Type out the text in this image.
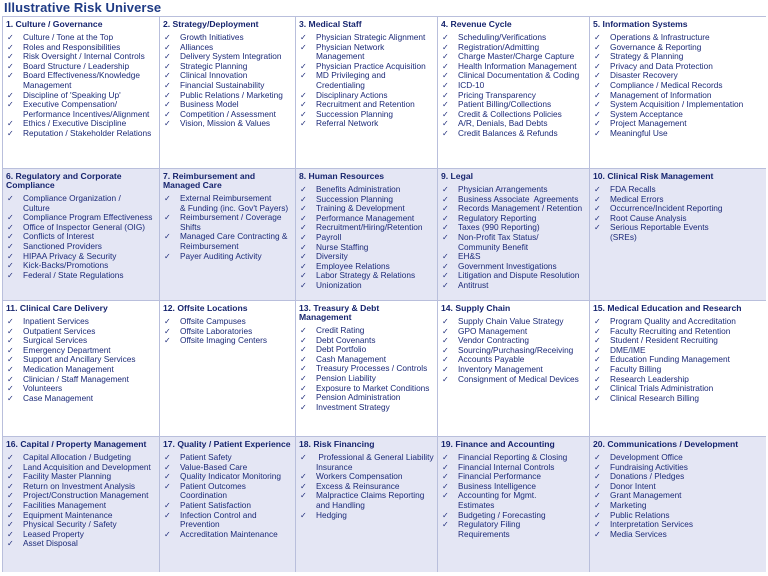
Illustrative Risk Universe
1. Culture / Governance
✓ Culture / Tone at the Top
✓ Roles and Responsibilities
✓ Risk Oversight / Internal Controls
✓ Board Structure / Leadership
✓ Board Effectiveness/Knowledge
Management
✓ Discipline of 'Speaking Up'
✓ Executive Compensation/
Performance Incentives/Alignment
✓ Ethics / Executive Discipline
✓ Reputation / Stakeholder Relations
2. Strategy/Deployment
✓ Growth Initiatives
✓ Alliances
✓ Delivery System Integration
✓ Strategic Planning
✓ Clinical Innovation
✓ Financial Sustainability
✓ Public Relations / Marketing
✓ Business Model
✓ Competition / Assessment
✓ Vision, Mission & Values
3. Medical Staff
✓ Physician Strategic Alignment
✓ Physician Network Management
✓ Physician Practice Acquisition
✓ MD Privileging and
Credentialing
✓ Disciplinary Actions
✓ Recruitment and Retention
✓ Succession Planning
✓ Referral Network
4. Revenue Cycle
✓ Scheduling/Verifications
✓ Registration/Admitting
✓ Charge Master/Charge Capture
✓ Health Information Management
✓ Clinical Documentation & Coding
✓ ICD-10
✓ Pricing Transparency
✓ Patient Billing/Collections
✓ Credit & Collections Policies
✓ A/R, Denials, Bad Debts
✓ Credit Balances & Refunds
5. Information Systems
✓ Operations & Infrastructure
✓ Governance & Reporting
✓ Strategy & Planning
✓ Privacy and Data Protection
✓ Disaster Recovery
✓ Compliance / Medical Records
✓ Management of Information
✓ System Acquisition / Implementation
✓ System Acceptance
✓ Project Management
✓ Meaningful Use
6. Regulatory and Corporate Compliance
✓ Compliance Organization /
Culture
✓ Compliance Program Effectiveness
✓ Office of Inspector General (OIG)
✓ Conflicts of Interest
✓ Sanctioned Providers
✓ HIPAA Privacy & Security
✓ Kick-Backs/Promotions
✓ Federal / State Regulations
7. Reimbursement and Managed Care
✓ External Reimbursement
& Funding (inc. Gov't Payers)
✓ Reimbursement / Coverage
Shifts
✓ Managed Care Contracting &
Reimbursement
✓ Payer Auditing Activity
8. Human Resources
✓ Benefits Administration
✓ Succession Planning
✓ Training & Development
✓ Performance Management
✓ Recruitment/Hiring/Retention
✓ Payroll
✓ Nurse Staffing
✓ Diversity
✓ Employee Relations
✓ Labor Strategy & Relations
✓ Unionization
9. Legal
✓ Physician Arrangements
✓ Business Associate  Agreements
✓ Records Management / Retention
✓ Regulatory Reporting
✓ Taxes (990 Reporting)
✓ Non-Profit Tax Status/
Community Benefit
✓ EH&S
✓ Government Investigations
✓ Litigation and Dispute Resolution
✓ Antitrust
10. Clinical Risk Management
✓ FDA Recalls
✓ Medical Errors
✓ Occurrence/Incident Reporting
✓ Root Cause Analysis
✓ Serious Reportable Events
(SREs)
11. Clinical Care Delivery
✓ Inpatient Services
✓ Outpatient Services
✓ Surgical Services
✓ Emergency Department
✓ Support and Ancillary Services
✓ Medication Management
✓ Clinician / Staff Management
✓ Volunteers
✓ Case Management
12. Offsite Locations
✓ Offsite Campuses
✓ Offsite Laboratories
✓ Offsite Imaging Centers
13. Treasury & Debt Management
✓ Credit Rating
✓ Debt Covenants
✓ Debt Portfolio
✓ Cash Management
✓ Treasury Processes / Controls
✓ Pension Liability
✓ Exposure to Market Conditions
✓ Pension Administration
✓ Investment Strategy
14. Supply Chain
✓ Supply Chain Value Strategy
✓ GPO Management
✓ Vendor Contracting
✓ Sourcing/Purchasing/Receiving
✓ Accounts Payable
✓ Inventory Management
✓ Consignment of Medical Devices
15. Medical Education and Research
✓ Program Quality and Accreditation
✓ Faculty Recruiting and Retention
✓ Student / Resident Recruiting
✓ DME/IME
✓ Education Funding Management
✓ Faculty Billing
✓ Research Leadership
✓ Clinical Trials Administration
✓ Clinical Research Billing
16. Capital / Property Management
✓ Capital Allocation / Budgeting
✓ Land Acquisition and Development
✓ Facility Master Planning
✓ Return on Investment Analysis
✓ Project/Construction Management
✓ Facilities Management
✓ Equipment Maintenance
✓ Physical Security / Safety
✓ Leased Property
✓ Asset Disposal
17. Quality / Patient Experience
✓ Patient Safety
✓ Value-Based Care
✓ Quality Indicator Monitoring
✓ Patient Outcomes
Coordination
✓ Patient Satisfaction
✓ Infection Control and
Prevention
✓ Accreditation Maintenance
18. Risk Financing
✓  Professional & General Liability
Insurance
✓ Workers Compensation
✓ Excess & Reinsurance
✓ Malpractice Claims Reporting
and Handling
✓ Hedging
19. Finance and Accounting
✓ Financial Reporting & Closing
✓ Financial Internal Controls
✓ Financial Performance
✓ Business Intelligence
✓ Accounting for Mgmt.
Estimates
✓ Budgeting / Forecasting
✓ Regulatory Filing
Requirements
20. Communications / Development
✓ Development Office
✓ Fundraising Activities
✓ Donations / Pledges
✓ Donor Intent
✓ Grant Management
✓ Marketing
✓ Public Relations
✓ Interpretation Services
✓ Media Services
